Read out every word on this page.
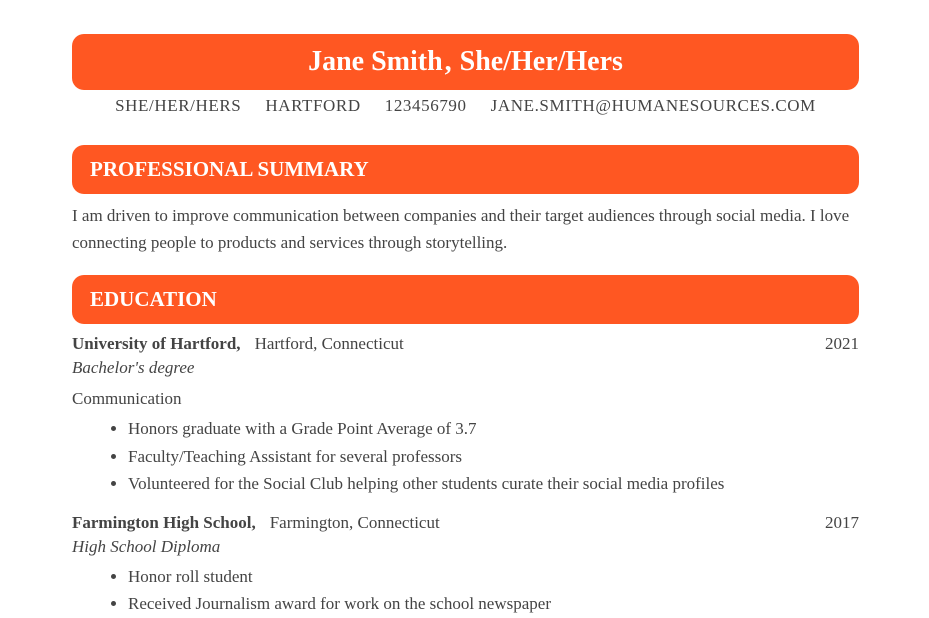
Jane Smith , She/Her/Hers
SHE/HER/HERS HARTFORD 123456790 JANE.SMITH@HUMANESOURCES.COM
PROFESSIONAL SUMMARY

I am driven to improve communication between companies and their target audiences through social media. I love connecting people to products and services through storytelling.

EDUCATION
University of Hartford, Hartford, Connecticut	2021
Bachelor's degree
Communication
• Honors graduate with a Grade Point Average of 3.7
• Faculty/Teaching Assistant for several professors
• Volunteered for the Social Club helping other students curate their social media profiles
Farmington High School, Farmington, Connecticut	2017
High School Diploma
• Honor roll student
• Received Journalism award for work on the school newspaper
